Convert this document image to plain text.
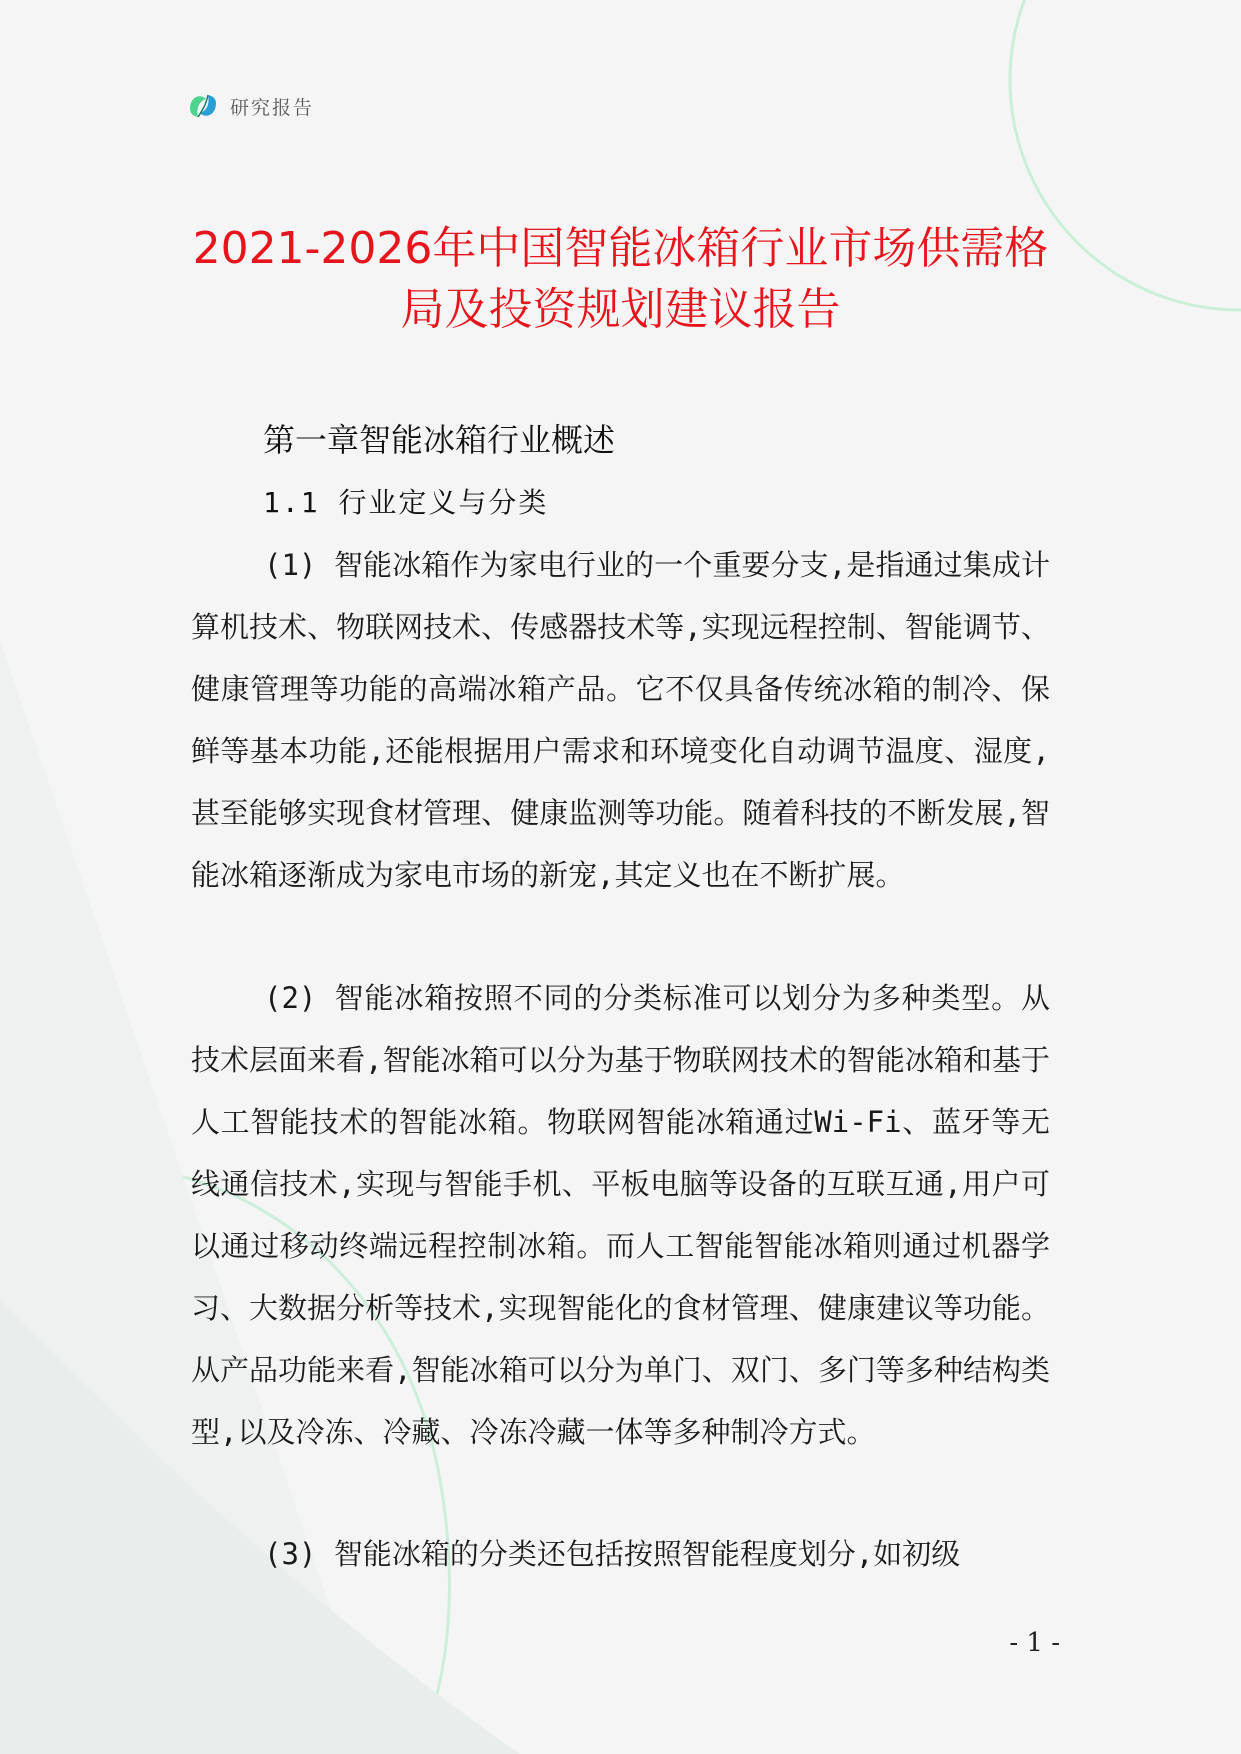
研究报告
2021-2026年中国智能冰箱行业市场供需格
局及投资规划建议报告
第一章智能冰箱行业概述
1.1 行业定义与分类

(1) 智能冰箱作为家电行业的一个重要分支,是指通过集成计算机技术、物联网技术、传感器技术等,实现远程控制、智能调节、健康管理等功能的高端冰箱产品。它不仅具备传统冰箱的制冷、保鲜等基本功能,还能根据用户需求和环境变化自动调节温度、湿度,甚至能够实现食材管理、健康监测等功能。随着科技的不断发展,智能冰箱逐渐成为家电市场的新宠,其定义也在不断扩展。

(2) 智能冰箱按照不同的分类标准可以划分为多种类型。从技术层面来看,智能冰箱可以分为基于物联网技术的智能冰箱和基于人工智能技术的智能冰箱。物联网智能冰箱通过Wi-Fi、蓝牙等无线通信技术,实现与智能手机、平板电脑等设备的互联互通,用户可以通过移动终端远程控制冰箱。而人工智能智能冰箱则通过机器学习、大数据分析等技术,实现智能化的食材管理、健康建议等功能。从产品功能来看,智能冰箱可以分为单门、双门、多门等多种结构类型,以及冷冻、冷藏、冷冻冷藏一体等多种制冷方式。

(3) 智能冰箱的分类还包括按照智能程度划分,如初级

- 1 -
